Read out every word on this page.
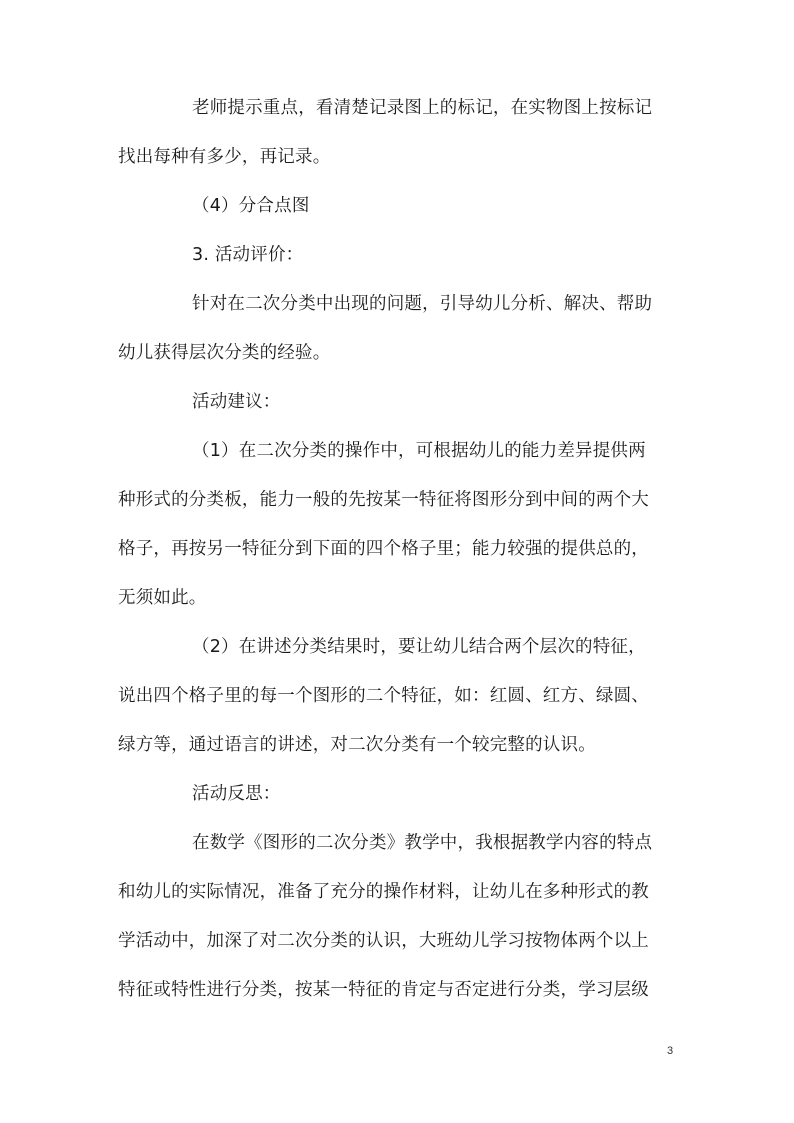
老师提示重点，看清楚记录图上的标记，在实物图上按标记
找出每种有多少，再记录。
（4）分合点图
3. 活动评价：
针对在二次分类中出现的问题，引导幼儿分析、解决、帮助
幼儿获得层次分类的经验。
活动建议：
（1）在二次分类的操作中，可根据幼儿的能力差异提供两
种形式的分类板，能力一般的先按某一特征将图形分到中间的两个大
格子，再按另一特征分到下面的四个格子里；能力较强的提供总的，
无须如此。
（2）在讲述分类结果时，要让幼儿结合两个层次的特征，
说出四个格子里的每一个图形的二个特征，如：红圆、红方、绿圆、
绿方等，通过语言的讲述，对二次分类有一个较完整的认识。
活动反思：
在数学《图形的二次分类》教学中，我根据教学内容的特点
和幼儿的实际情况，准备了充分的操作材料，让幼儿在多种形式的教
学活动中，加深了对二次分类的认识，大班幼儿学习按物体两个以上
特征或特性进行分类，按某一特征的肯定与否定进行分类，学习层级
3
